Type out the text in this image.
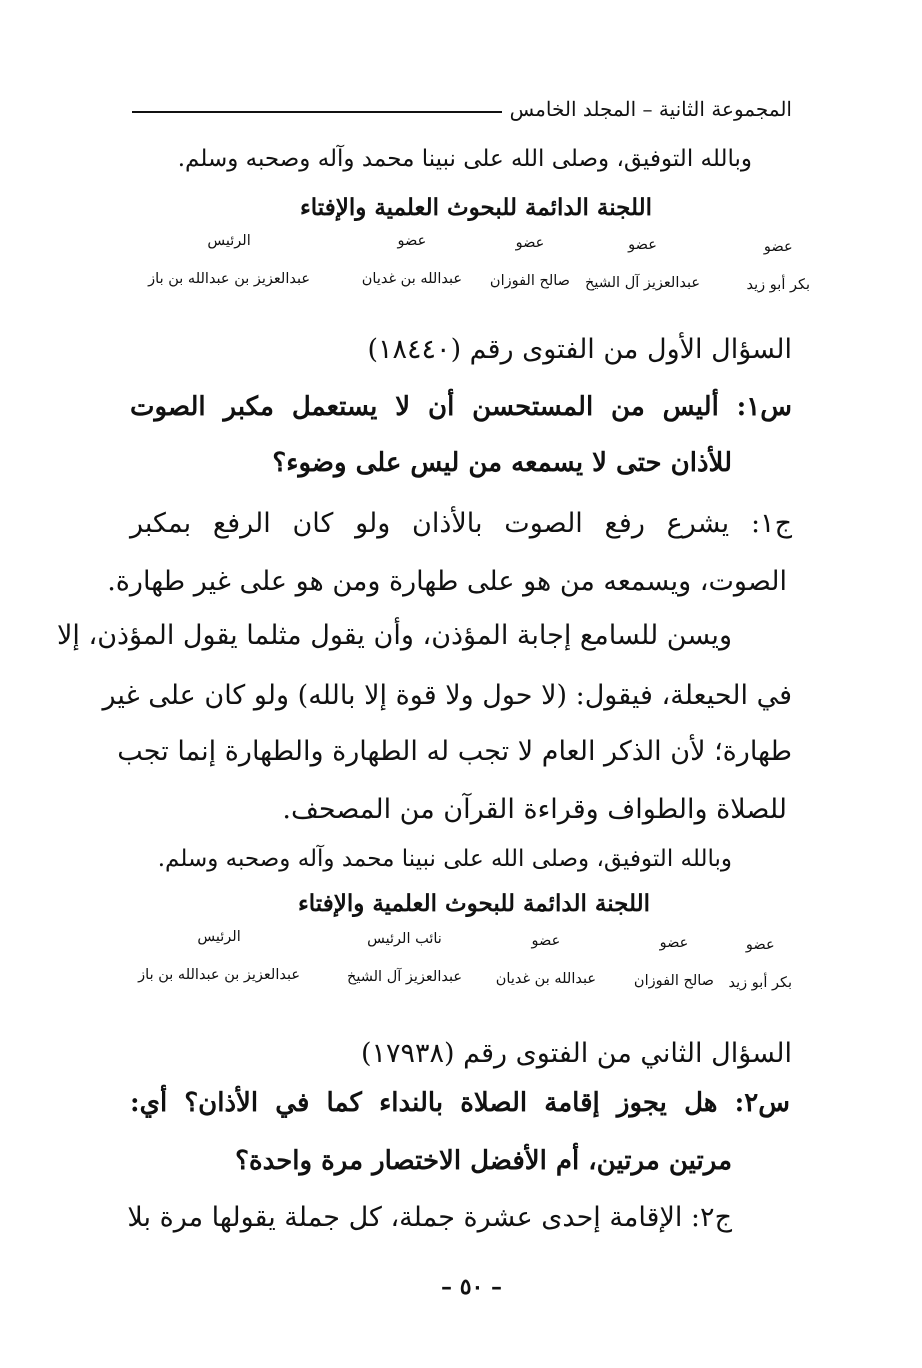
المجموعة الثانية – المجلد الخامس
وبالله التوفيق، وصلى الله على نبينا محمد وآله وصحبه وسلم.
اللجنة الدائمة للبحوث العلمية والإفتاء
عضو
بكر أبو زيد
عضو
عبدالعزيز آل الشيخ
عضو
صالح الفوزان
عضو
عبدالله بن غديان
الرئيس
عبدالعزيز بن عبدالله بن باز
السؤال الأول من الفتوى رقم (١٨٤٤٠)
س١: أليس من المستحسن أن لا يستعمل مكبر الصوت
للأذان حتى لا يسمعه من ليس على وضوء؟
ج١: يشرع رفع الصوت بالأذان ولو كان الرفع بمكبر
الصوت، ويسمعه من هو على طهارة ومن هو على غير طهارة.
ويسن للسامع إجابة المؤذن، وأن يقول مثلما يقول المؤذن، إلا
في الحيعلة، فيقول: (لا حول ولا قوة إلا بالله) ولو كان على غير
طهارة؛ لأن الذكر العام لا تجب له الطهارة والطهارة إنما تجب
للصلاة والطواف وقراءة القرآن من المصحف.
وبالله التوفيق، وصلى الله على نبينا محمد وآله وصحبه وسلم.
اللجنة الدائمة للبحوث العلمية والإفتاء
عضو
بكر أبو زيد
عضو
صالح الفوزان
عضو
عبدالله بن غديان
نائب الرئيس
عبدالعزيز آل الشيخ
الرئيس
عبدالعزيز بن عبدالله بن باز
السؤال الثاني من الفتوى رقم (١٧٩٣٨)
س٢: هل يجوز إقامة الصلاة بالنداء كما في الأذان؟ أي:
مرتين مرتين، أم الأفضل الاختصار مرة واحدة؟
ج٢: الإقامة إحدى عشرة جملة، كل جملة يقولها مرة بلا
– ٥٠ –
